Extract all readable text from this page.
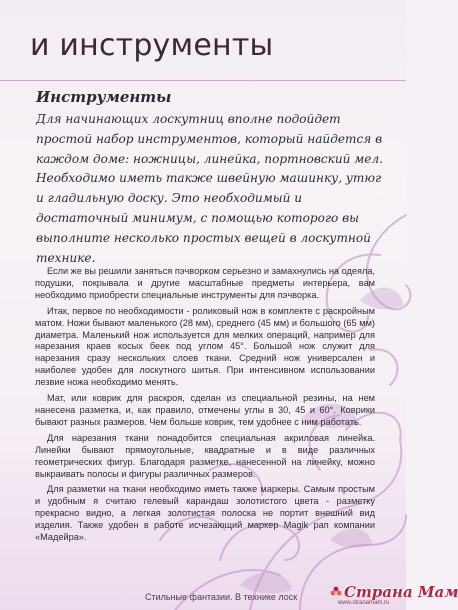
и инструменты
Инструменты

Для начинающих лоскутниц вполне подойдет простой набор инструментов, который найдется в каждом доме: ножницы, линейка, портновский мел. Необходимо иметь также швейную машинку, утюг и гладильную доску. Это необходимый и достаточный минимум, с помощью которого вы выполните несколько простых вещей в лоскутной технике.

Если же вы решили заняться пэчворком серьезно и замахнулись на одеяла, подушки, покрывала и другие масштабные предметы интерьера, вам необходимо приобрести специальные инструменты для пэчворка.

Итак, первое по необходимости - роликовый нож в комплекте с раскройным матом. Ножи бывают маленького (28 мм), среднего (45 мм) и большого (65 мм) диаметра. Маленький нож используется для мелких операций, например для нарезания краев косых беек под углом 45°. Большой нож служит для нарезания сразу нескольких слоев ткани. Средний нож универсален и наиболее удобен для лоскутного шитья. При интенсивном использовании лезвие ножа необходимо менять.

Мат, или коврик для раскроя, сделан из специальной резины, на нем нанесена разметка, и, как правило, отмечены углы в 30, 45 и 60°. Коврики бывают разных размеров. Чем больше коврик, тем удобнее с ним работать.

Для нарезания ткани понадобится специальная акриловая линейка. Линейки бывают прямоугольные, квадратные и в виде различных геометрических фигур. Благодаря разметке, нанесенной на линейку, можно выкраивать полосы и фигуры различных размеров.

Для разметки на ткани необходимо иметь также маркеры. Самым простым и удобным я считаю гелевый карандаш золотистого цвета - разметку прекрасно видно, а легкая золотистая полоска не портит внешний вид изделия. Также удобен в работе исчезающий маркер Magik рап компании «Мадейра».

Стильные фантазии. В технике лоск	Страна Мам
www.stranamam.ru
